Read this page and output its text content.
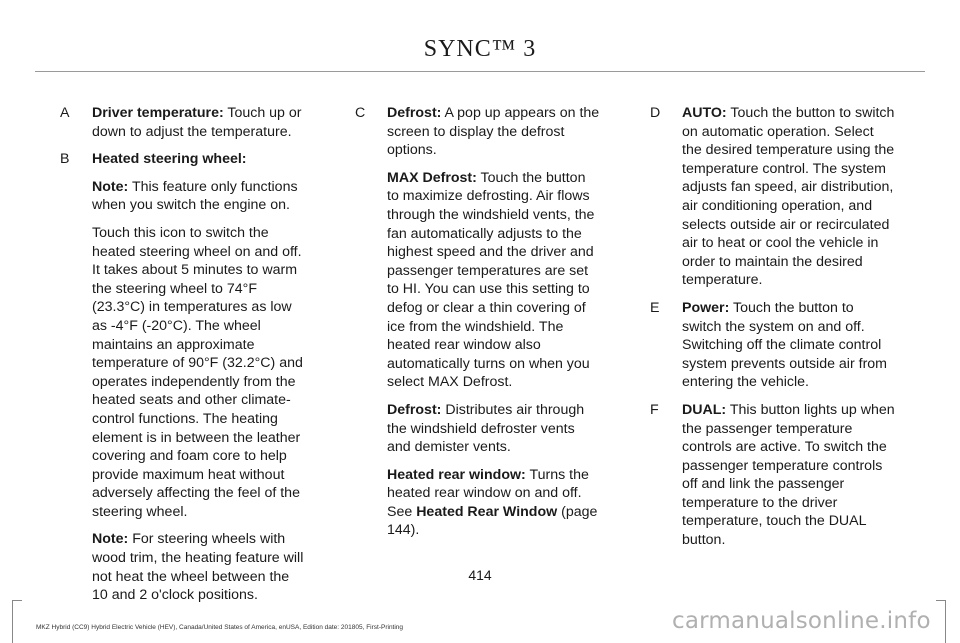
SYNC™ 3
A Driver temperature: Touch up or down to adjust the temperature.

B Heated steering wheel:

Note: This feature only functions when you switch the engine on.

Touch this icon to switch the heated steering wheel on and off. It takes about 5 minutes to warm the steering wheel to 74°F (23.3°C) in temperatures as low as -4°F (-20°C). The wheel maintains an approximate temperature of 90°F (32.2°C) and operates independently from the heated seats and other climate-control functions. The heating element is in between the leather covering and foam core to help provide maximum heat without adversely affecting the feel of the steering wheel.

Note: For steering wheels with wood trim, the heating feature will not heat the wheel between the 10 and 2 o'clock positions.

C Defrost: A pop up appears on the screen to display the defrost options.

MAX Defrost: Touch the button to maximize defrosting. Air flows through the windshield vents, the fan automatically adjusts to the highest speed and the driver and passenger temperatures are set to HI. You can use this setting to defog or clear a thin covering of ice from the windshield. The heated rear window also automatically turns on when you select MAX Defrost.

Defrost: Distributes air through the windshield defroster vents and demister vents.

Heated rear window: Turns the heated rear window on and off. See Heated Rear Window (page 144).

D AUTO: Touch the button to switch on automatic operation. Select the desired temperature using the temperature control. The system adjusts fan speed, air distribution, air conditioning operation, and selects outside air or recirculated air to heat or cool the vehicle in order to maintain the desired temperature.

E Power: Touch the button to switch the system on and off. Switching off the climate control system prevents outside air from entering the vehicle.

F DUAL: This button lights up when the passenger temperature controls are active. To switch the passenger temperature controls off and link the passenger temperature to the driver temperature, touch the DUAL button.

414
MKZ Hybrid (CC9) Hybrid Electric Vehicle (HEV), Canada/United States of America, enUSA, Edition date: 201805, First-Printing	carmanualsonline.info
